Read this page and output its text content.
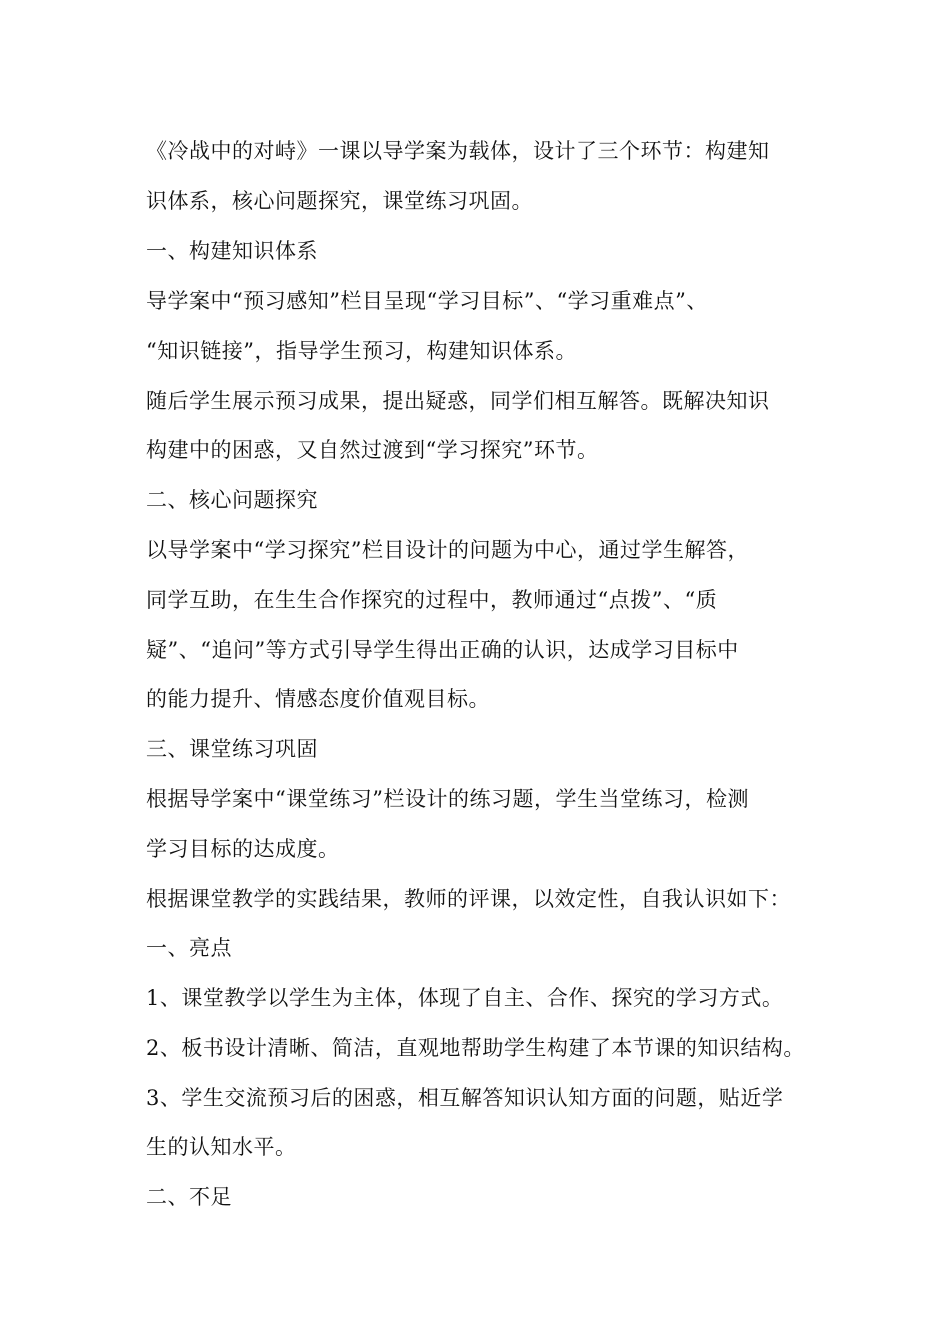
《冷战中的对峙》一课以导学案为载体，设计了三个环节：构建知
识体系，核心问题探究，课堂练习巩固。
一、构建知识体系
导学案中“预习感知”栏目呈现“学习目标”、“学习重难点”、
“知识链接”，指导学生预习，构建知识体系。
随后学生展示预习成果，提出疑惑，同学们相互解答。既解决知识
构建中的困惑，又自然过渡到“学习探究”环节。
二、核心问题探究
以导学案中“学习探究”栏目设计的问题为中心，通过学生解答，
同学互助，在生生合作探究的过程中，教师通过“点拨”、“质
疑”、“追问”等方式引导学生得出正确的认识，达成学习目标中
的能力提升、情感态度价值观目标。
三、课堂练习巩固
根据导学案中“课堂练习”栏设计的练习题，学生当堂练习，检测
学习目标的达成度。
根据课堂教学的实践结果，教师的评课，以效定性，自我认识如下：
一、亮点
1、课堂教学以学生为主体，体现了自主、合作、探究的学习方式。
2、板书设计清晰、简洁，直观地帮助学生构建了本节课的知识结构。
3、学生交流预习后的困惑，相互解答知识认知方面的问题，贴近学
生的认知水平。
二、不足
